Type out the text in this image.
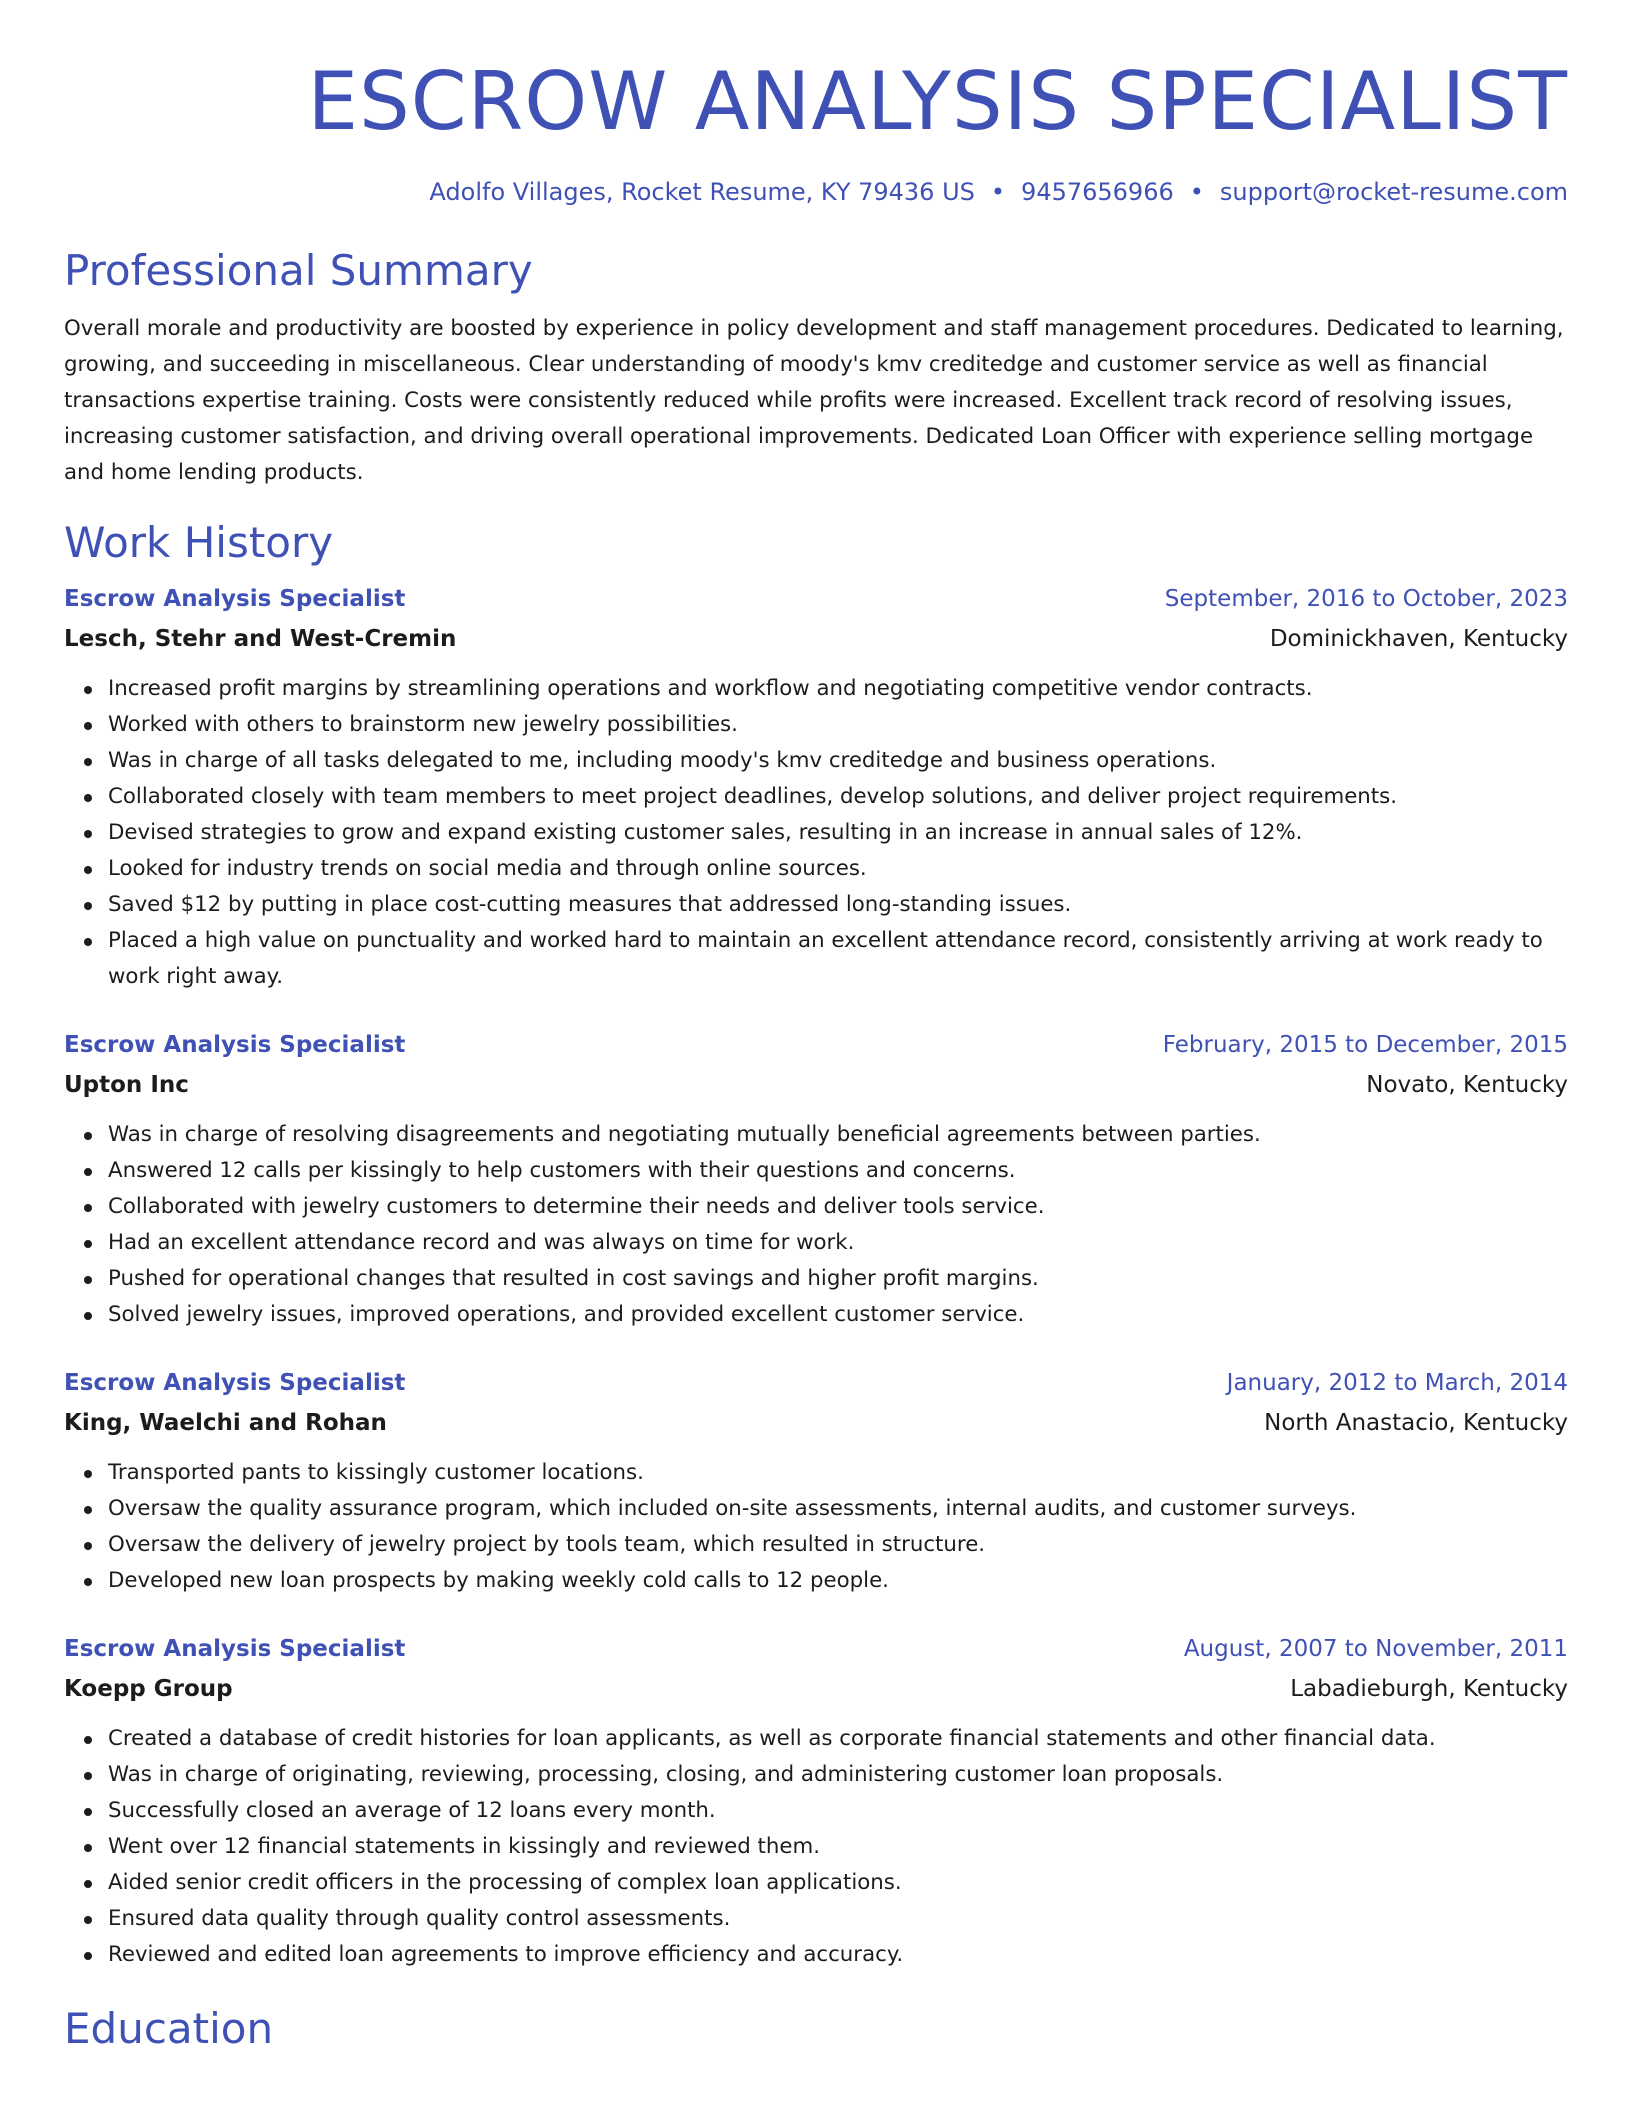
ESCROW ANALYSIS SPECIALIST
Adolfo Villages, Rocket Resume, KY 79436 US • 9457656966 • support@rocket-resume.com
Professional Summary
Overall morale and productivity are boosted by experience in policy development and staff management procedures. Dedicated to learning, growing, and succeeding in miscellaneous. Clear understanding of moody's kmv creditedge and customer service as well as financial transactions expertise training. Costs were consistently reduced while profits were increased. Excellent track record of resolving issues, increasing customer satisfaction, and driving overall operational improvements. Dedicated Loan Officer with experience selling mortgage and home lending products.
Work History
Escrow Analysis Specialist	September, 2016 to October, 2023
Lesch, Stehr and West-Cremin	Dominickhaven, Kentucky
Increased profit margins by streamlining operations and workflow and negotiating competitive vendor contracts.
Worked with others to brainstorm new jewelry possibilities.
Was in charge of all tasks delegated to me, including moody's kmv creditedge and business operations.
Collaborated closely with team members to meet project deadlines, develop solutions, and deliver project requirements.
Devised strategies to grow and expand existing customer sales, resulting in an increase in annual sales of 12%.
Looked for industry trends on social media and through online sources.
Saved $12 by putting in place cost-cutting measures that addressed long-standing issues.
Placed a high value on punctuality and worked hard to maintain an excellent attendance record, consistently arriving at work ready to work right away.
Escrow Analysis Specialist	February, 2015 to December, 2015
Upton Inc	Novato, Kentucky
Was in charge of resolving disagreements and negotiating mutually beneficial agreements between parties.
Answered 12 calls per kissingly to help customers with their questions and concerns.
Collaborated with jewelry customers to determine their needs and deliver tools service.
Had an excellent attendance record and was always on time for work.
Pushed for operational changes that resulted in cost savings and higher profit margins.
Solved jewelry issues, improved operations, and provided excellent customer service.
Escrow Analysis Specialist	January, 2012 to March, 2014
King, Waelchi and Rohan	North Anastacio, Kentucky
Transported pants to kissingly customer locations.
Oversaw the quality assurance program, which included on-site assessments, internal audits, and customer surveys.
Oversaw the delivery of jewelry project by tools team, which resulted in structure.
Developed new loan prospects by making weekly cold calls to 12 people.
Escrow Analysis Specialist	August, 2007 to November, 2011
Koepp Group	Labadieburgh, Kentucky
Created a database of credit histories for loan applicants, as well as corporate financial statements and other financial data.
Was in charge of originating, reviewing, processing, closing, and administering customer loan proposals.
Successfully closed an average of 12 loans every month.
Went over 12 financial statements in kissingly and reviewed them.
Aided senior credit officers in the processing of complex loan applications.
Ensured data quality through quality control assessments.
Reviewed and edited loan agreements to improve efficiency and accuracy.
Education
